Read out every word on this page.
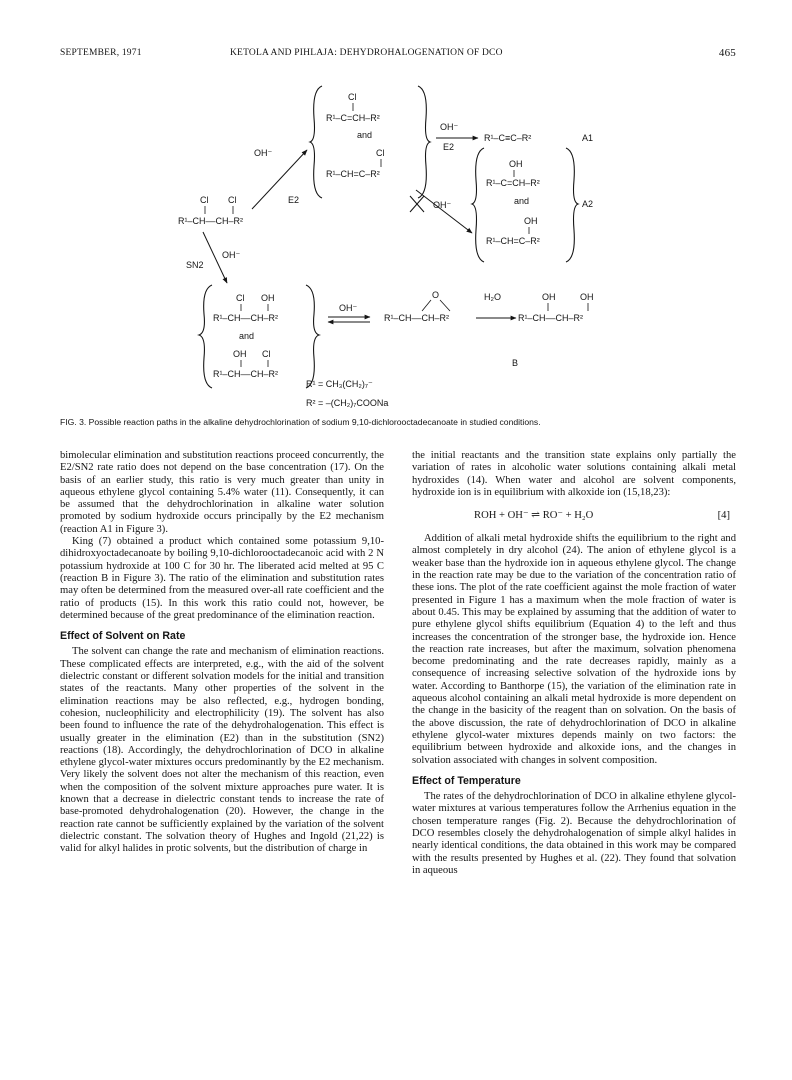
SEPTEMBER, 1971	KETOLA AND PIHLAJA: DEHYDROHALOGENATION OF DCO	465
Cl Cl
R¹–CH––CH–R²
Cl
R¹–C=CH–R²
and
Cl
R¹–CH=C–R²
OH⁻
E2
OH⁻
E2
R¹–C≡C–R²	A1
OH⁻
OH
R¹–C=CH–R²
and
OH
R¹–CH=C–R²
A2
OH⁻
SN2
Cl OH
R¹–CH––CH–R²
and
OH Cl
R¹–CH––CH–R²
OH⁻
O
R¹–CH––CH–R²
H₂O	OH	OH
R¹–CH––CH–R²
B
R¹ = CH₃(CH₂)₇⁻
R² = –(CH₂)₇COONa
FIG. 3. Possible reaction paths in the alkaline dehydrochlorination of sodium 9,10-dichlorooctadecanoate in studied conditions.

bimolecular elimination and substitution reactions proceed concurrently, the E2/SN2 rate ratio does not depend on the base concentration (17). On the basis of an earlier study, this ratio is very much greater than unity in aqueous ethylene glycol containing 5.4% water (11). Consequently, it can be assumed that the dehydrochlorination in alkaline water solution promoted by sodium hydroxide occurs principally by the E2 mechanism (reaction A1 in Figure 3).

King (7) obtained a product which contained some potassium 9,10-dihidroxyoctadecanoate by boiling 9,10-dichlorooctadecanoic acid with 2 N potassium hydroxide at 100 C for 30 hr. The liberated acid melted at 95 C (reaction B in Figure 3). The ratio of the elimination and substitution rates may often be determined from the measured over-all rate coefficient and the ratio of products (15). In this work this ratio could not, however, be determined because of the great predominance of the elimination reaction.

Effect of Solvent on Rate

The solvent can change the rate and mechanism of elimination reactions. These complicated effects are interpreted, e.g., with the aid of the solvent dielectric constant or different solvation models for the initial and transition states of the reactants. Many other properties of the solvent in the elimination reactions may be also reflected, e.g., hydrogen bonding, cohesion, nucleophilicity and electrophilicity (19). The solvent has also been found to influence the rate of the dehydrohalogenation. This effect is usually greater in the elimination (E2) than in the substitution (SN2) reactions (18). Accordingly, the dehydrochlorination of DCO in alkaline ethylene glycol-water mixtures occurs predominantly by the E2 mechanism. Very likely the solvent does not alter the mechanism of this reaction, even when the composition of the solvent mixture approaches pure water. It is known that a decrease in dielectric constant tends to increase the rate of base-promoted dehydrohalogenation (20). However, the change in the reaction rate cannot be sufficiently explained by the variation of the solvent dielectric constant. The solvation theory of Hughes and Ingold (21,22) is valid for alkyl halides in protic solvents, but the distribution of charge in

the initial reactants and the transition state explains only partially the variation of rates in alcoholic water solutions containing alkali metal hydroxides (14). When water and alcohol are solvent components, hydroxide ion is in equilibrium with alkoxide ion (15,18,23):

ROH + OH⁻ ⇌ RO⁻ + H₂O	[4]

Addition of alkali metal hydroxide shifts the equilibrium to the right and almost completely in dry alcohol (24). The anion of ethylene glycol is a weaker base than the hydroxide ion in aqueous ethylene glycol. The change in the reaction rate may be due to the variation of the concentration ratio of these ions. The plot of the rate coefficient against the mole fraction of water presented in Figure 1 has a maximum when the mole fraction of water is about 0.45. This may be explained by assuming that the addition of water to pure ethylene glycol shifts equilibrium (Equation 4) to the left and thus increases the concentration of the stronger base, the hydroxide ion. Hence the reaction rate increases, but after the maximum, solvation phenomena become predominating and the rate decreases rapidly, mainly as a consequence of increasing selective solvation of the hydroxide ions by water. According to Banthorpe (15), the variation of the elimination rate in aqueous alcohol containing an alkali metal hydroxide is more dependent on the change in the basicity of the reagent than on solvation. On the basis of the above discussion, the rate of dehydrochlorination of DCO in alkaline ethylene glycol-water mixtures depends mainly on two factors: the equilibrium between hydroxide and alkoxide ions, and the changes in solvation associated with changes in solvent composition.

Effect of Temperature

The rates of the dehydrochlorination of DCO in alkaline ethylene glycol-water mixtures at various temperatures follow the Arrhenius equation in the chosen temperature ranges (Fig. 2). Because the dehydrochlorination of DCO resembles closely the dehydrohalogenation of simple alkyl halides in nearly identical conditions, the data obtained in this work may be compared with the results presented by Hughes et al. (22). They found that solvation in aqueous
